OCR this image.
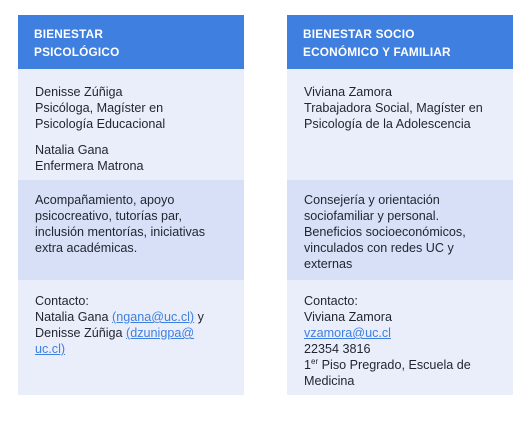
BIENESTAR
PSICOLÓGICO
Denisse Zúñiga
Psicóloga, Magíster en
Psicología Educacional
Natalia Gana
Enfermera Matrona
Acompañamiento, apoyo
psicocreativo, tutorías par,
inclusión mentorías, iniciativas
extra académicas.
Contacto:
Natalia Gana (ngana@uc.cl) y
Denisse Zúñiga (dzunigpa@
uc.cl)
BIENESTAR SOCIO
ECONÓMICO Y FAMILIAR
Viviana Zamora
Trabajadora Social, Magíster en
Psicología de la Adolescencia
Consejería y orientación
sociofamiliar y personal.
Beneficios socioeconómicos,
vinculados con redes UC y
externas
Contacto:
Viviana Zamora
vzamora@uc.cl
22354 3816
1er Piso Pregrado, Escuela de
Medicina
